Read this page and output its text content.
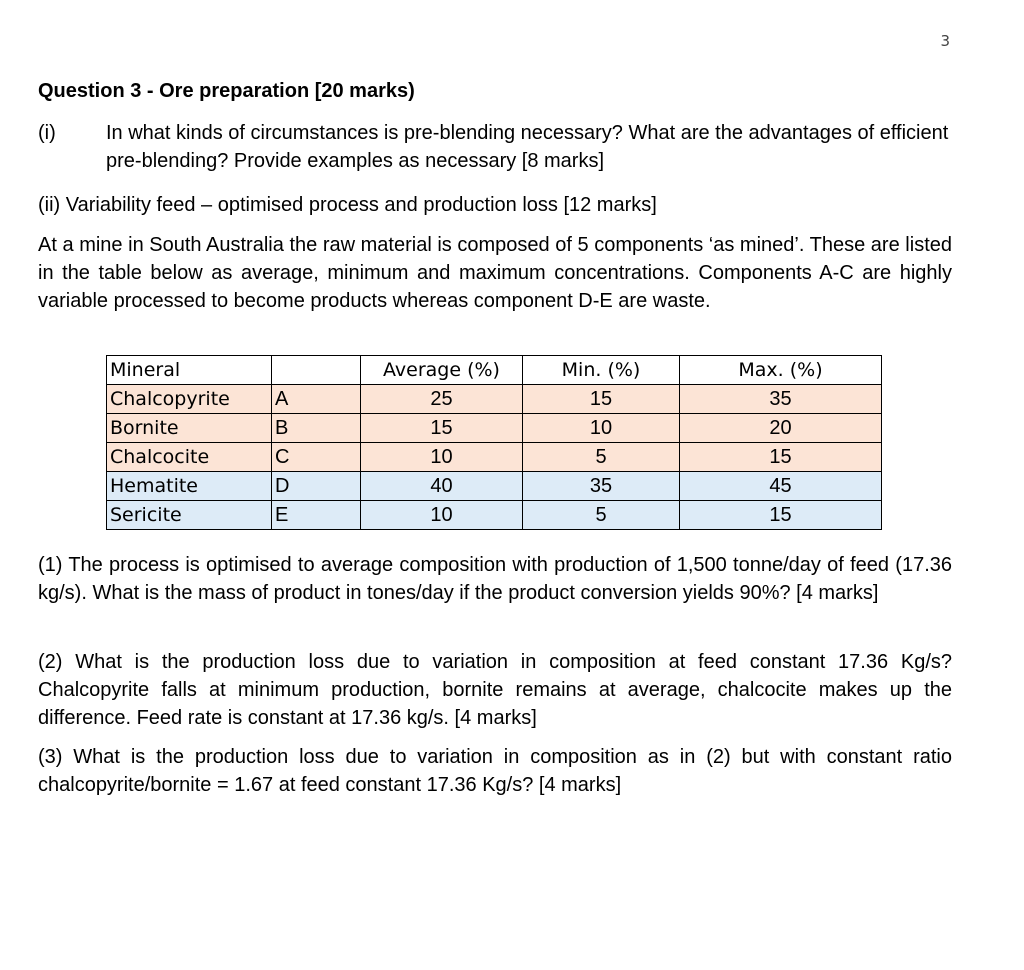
3
Question 3 - Ore preparation [20 marks)
(i)	In what kinds of circumstances is pre-blending necessary? What are the advantages of efficient pre-blending? Provide examples as necessary [8 marks]
(ii) Variability feed – optimised process and production loss [12 marks]
At a mine in South Australia the raw material is composed of 5 components ‘as mined’. These are listed in the table below as average, minimum and maximum concentrations. Components A-C are highly variable processed to become products whereas component D-E are waste.
Mineral		Average (%)	Min. (%)	Max. (%)
Chalcopyrite	A	25	15	35
Bornite	B	15	10	20
Chalcocite	C	10	5	15
Hematite	D	40	35	45
Sericite	E	10	5	15
(1) The process is optimised to average composition with production of 1,500 tonne/day of feed (17.36 kg/s). What is the mass of product in tones/day if the product conversion yields 90%? [4 marks]
(2) What is the production loss due to variation in composition at feed constant 17.36 Kg/s? Chalcopyrite falls at minimum production, bornite remains at average, chalcocite makes up the difference. Feed rate is constant at 17.36 kg/s. [4 marks]
(3) What is the production loss due to variation in composition as in (2) but with constant ratio chalcopyrite/bornite = 1.67 at feed constant 17.36 Kg/s? [4 marks]
